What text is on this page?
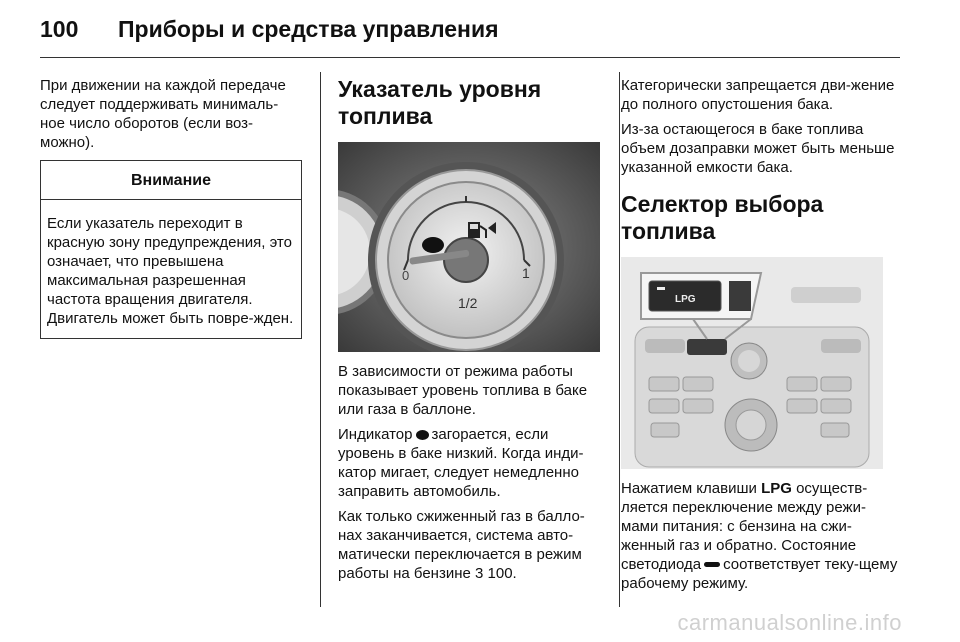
100 Приборы и средства управления

При движении на каждой передаче следует поддерживать минималь-ное число оборотов (если воз-можно).

Внимание
Если указатель переходит в красную зону предупреждения, это означает, что превышена максимальная разрешенная частота вращения двигателя. Двигатель может быть повре-жден.
Указатель уровня топлива
0
1/2
1

В зависимости от режима работы показывает уровень топлива в баке или газа в баллоне.

Индикатор загорается, если уровень в баке низкий. Когда инди-катор мигает, следует немедленно заправить автомобиль.

Как только сжиженный газ в балло-нах заканчивается, система авто-матически переключается в режим работы на бензине 3 100.

Категорически запрещается дви-жение до полного опустошения бака.

Из-за остающегося в баке топлива объем дозаправки может быть меньше указанной емкости бака.

Селектор выбора топлива
LPG

Нажатием клавиши LPG осуществ-ляется переключение между режи-мами питания: с бензина на сжи-женный газ и обратно. Состояние светодиода соответствует теку-щему рабочему режиму.

carmanualsonline.info
